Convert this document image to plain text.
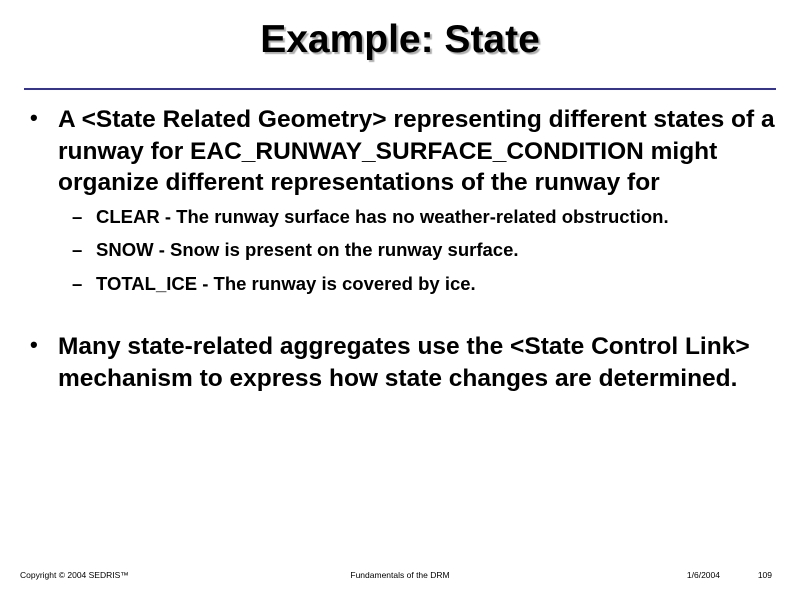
Example: State
• A <State Related Geometry> representing different states of a runway for EAC_RUNWAY_SURFACE_CONDITION might organize different representations of the runway for
– CLEAR - The runway surface has no weather-related obstruction.
– SNOW - Snow is present on the runway surface.
– TOTAL_ICE - The runway is covered by ice.
• Many state-related aggregates use the <State Control Link> mechanism to express how state changes are determined.
Copyright © 2004 SEDRIS™	Fundamentals of the DRM	1/6/2004	109
